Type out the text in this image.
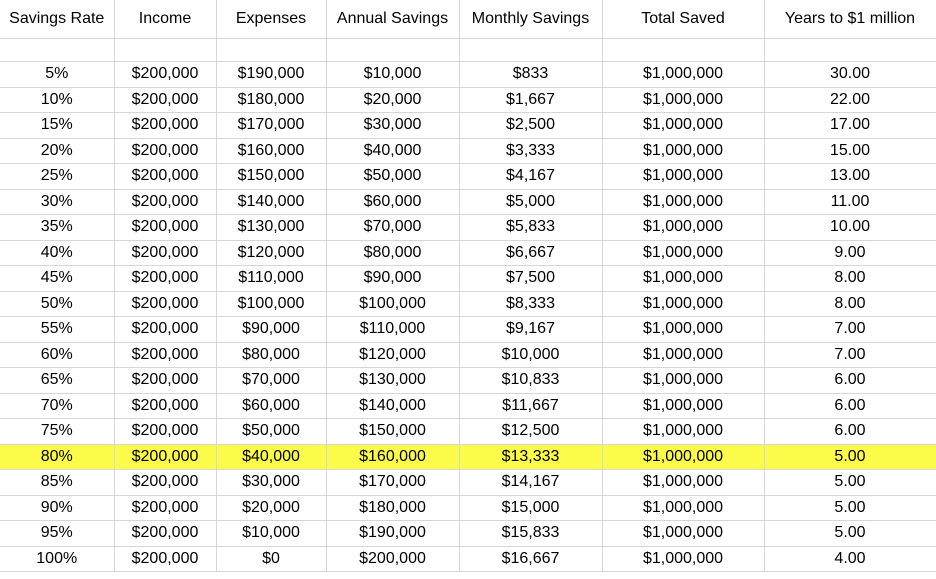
Savings Rate	Income	Expenses	Annual Savings	Monthly Savings	Total Saved	Years to $1 million

5%	$200,000	$190,000	$10,000	$833	$1,000,000	30.00
10%	$200,000	$180,000	$20,000	$1,667	$1,000,000	22.00
15%	$200,000	$170,000	$30,000	$2,500	$1,000,000	17.00
20%	$200,000	$160,000	$40,000	$3,333	$1,000,000	15.00
25%	$200,000	$150,000	$50,000	$4,167	$1,000,000	13.00
30%	$200,000	$140,000	$60,000	$5,000	$1,000,000	11.00
35%	$200,000	$130,000	$70,000	$5,833	$1,000,000	10.00
40%	$200,000	$120,000	$80,000	$6,667	$1,000,000	9.00
45%	$200,000	$110,000	$90,000	$7,500	$1,000,000	8.00
50%	$200,000	$100,000	$100,000	$8,333	$1,000,000	8.00
55%	$200,000	$90,000	$110,000	$9,167	$1,000,000	7.00
60%	$200,000	$80,000	$120,000	$10,000	$1,000,000	7.00
65%	$200,000	$70,000	$130,000	$10,833	$1,000,000	6.00
70%	$200,000	$60,000	$140,000	$11,667	$1,000,000	6.00
75%	$200,000	$50,000	$150,000	$12,500	$1,000,000	6.00
80%	$200,000	$40,000	$160,000	$13,333	$1,000,000	5.00
85%	$200,000	$30,000	$170,000	$14,167	$1,000,000	5.00
90%	$200,000	$20,000	$180,000	$15,000	$1,000,000	5.00
95%	$200,000	$10,000	$190,000	$15,833	$1,000,000	5.00
100%	$200,000	$0	$200,000	$16,667	$1,000,000	4.00
